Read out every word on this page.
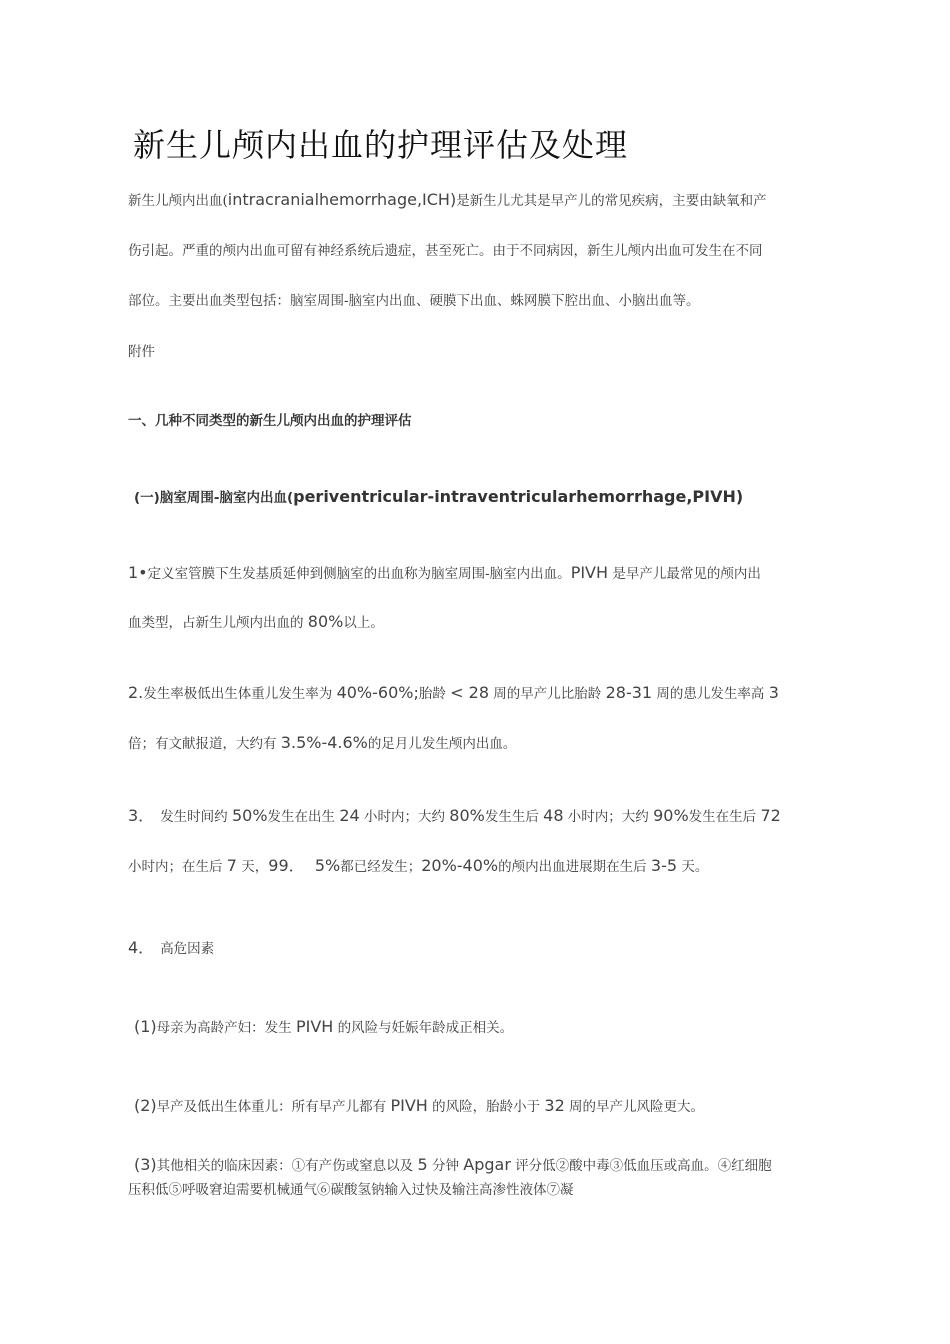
新生儿颅内出血的护理评估及处理
新生儿颅内出血(intracranialhemorrhage,ICH)是新生儿尤其是早产儿的常见疾病，主要由缺氧和产
伤引起。严重的颅内出血可留有神经系统后遗症，甚至死亡。由于不同病因，新生儿颅内出血可发生在不同
部位。主要出血类型包括：脑室周围-脑室内出血、硬膜下出血、蛛网膜下腔出血、小脑出血等。
附件
一、几种不同类型的新生儿颅内出血的护理评估
(一)脑室周围-脑室内出血(periventricular-intraventricularhemorrhage,PIVH)
1•定义室管膜下生发基质延伸到侧脑室的出血称为脑室周围-脑室内出血。PIVH 是早产儿最常见的颅内出
血类型，占新生儿颅内出血的 80%以上。
2.发生率极低出生体重儿发生率为 40%-60%;胎龄 < 28 周的早产儿比胎龄 28-31 周的患儿发生率高 3
倍；有文献报道，大约有 3.5%-4.6%的足月儿发生颅内出血。
3． 发生时间约 50%发生在出生 24 小时内；大约 80%发生生后 48 小时内；大约 90%发生在生后 72
小时内；在生后 7 天，99．  5%都已经发生；20%-40%的颅内出血进展期在生后 3-5 天。
4． 高危因素
(1)母亲为高龄产妇：发生 PIVH 的风险与妊娠年龄成正相关。
(2)早产及低出生体重儿：所有早产儿都有 PIVH 的风险，胎龄小于 32 周的早产儿风险更大。
(3)其他相关的临床因素：①有产伤或窒息以及 5 分钟 Apgar 评分低②酸中毒③低血压或高血。④红细胞
压积低⑤呼吸窘迫需要机械通气⑥碳酸氢钠输入过快及输注高渗性液体⑦凝
